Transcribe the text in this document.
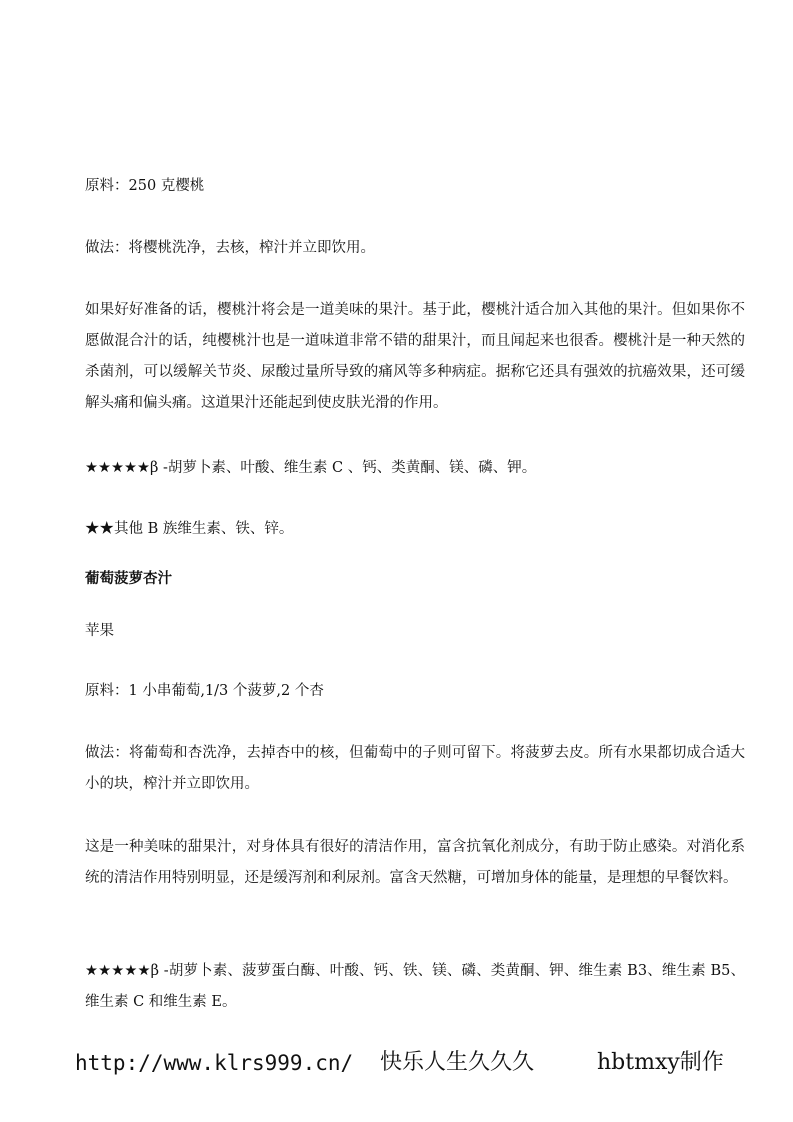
原料：250 克樱桃

做法：将樱桃洗净，去核，榨汁并立即饮用。

如果好好准备的话，樱桃汁将会是一道美味的果汁。基于此，樱桃汁适合加入其他的果汁。但如果你不愿做混合汁的话，纯樱桃汁也是一道味道非常不错的甜果汁，而且闻起来也很香。樱桃汁是一种天然的杀菌剂，可以缓解关节炎、尿酸过量所导致的痛风等多种病症。据称它还具有强效的抗癌效果，还可缓解头痛和偏头痛。这道果汁还能起到使皮肤光滑的作用。

★★★★★β -胡萝卜素、叶酸、维生素 C 、钙、类黄酮、镁、磷、钾。

★★其他 B 族维生素、铁、锌。

葡萄菠萝杏汁

苹果

原料：1 小串葡萄,1/3 个菠萝,2 个杏

做法：将葡萄和杏洗净，去掉杏中的核，但葡萄中的子则可留下。将菠萝去皮。所有水果都切成合适大小的块，榨汁并立即饮用。

这是一种美味的甜果汁，对身体具有很好的清洁作用，富含抗氧化剂成分，有助于防止感染。对消化系统的清洁作用特别明显，还是缓泻剂和利尿剂。富含天然糖，可增加身体的能量，是理想的早餐饮料。

★★★★★β -胡萝卜素、菠萝蛋白酶、叶酸、钙、铁、镁、磷、类黄酮、钾、维生素 B3、维生素 B5、维生素 C 和维生素 E。

http://www.klrs999.cn/ 快乐人生久久久	hbtmxy制作
